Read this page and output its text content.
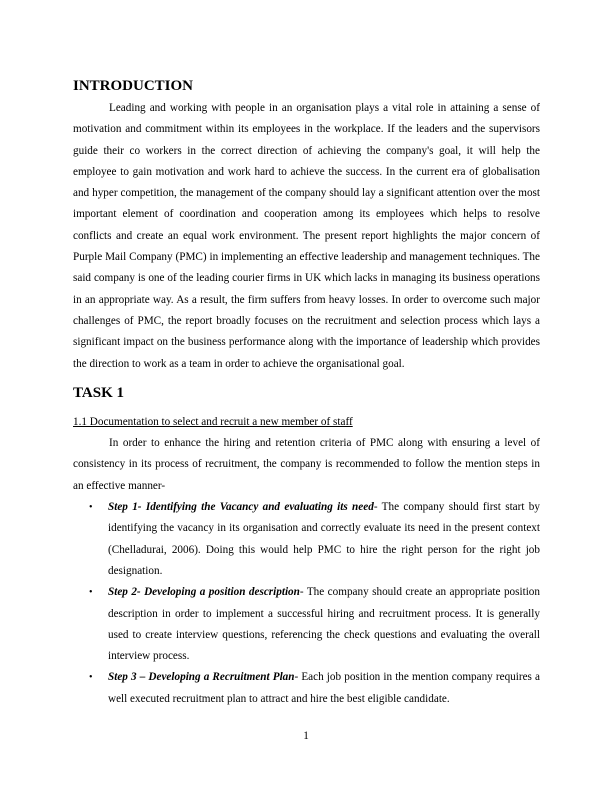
INTRODUCTION

Leading and working with people in an organisation plays a vital role in attaining a sense of motivation and commitment within its employees in the workplace. If the leaders and the supervisors guide their co workers in the correct direction of achieving the company's goal, it will help the employee to gain motivation and work hard to achieve the success. In the current era of globalisation and hyper competition, the management of the company should lay a significant attention over the most important element of coordination and cooperation among its employees which helps to resolve conflicts and create an equal work environment. The present report highlights the major concern of Purple Mail Company (PMC) in implementing an effective leadership and management techniques. The said company is one of the leading courier firms in UK which lacks in managing its business operations in an appropriate way. As a result, the firm suffers from heavy losses. In order to overcome such major challenges of PMC, the report broadly focuses on the recruitment and selection process which lays a significant impact on the business performance along with the importance of leadership which provides the direction to work as a team in order to achieve the organisational goal.

TASK 1
1.1 Documentation to select and recruit a new member of staff

In order to enhance the hiring and retention criteria of PMC along with ensuring a level of consistency in its process of recruitment, the company is recommended to follow the mention steps in an effective manner-

• Step 1- Identifying the Vacancy and evaluating its need- The company should first start by identifying the vacancy in its organisation and correctly evaluate its need in the present context (Chelladurai, 2006). Doing this would help PMC to hire the right person for the right job designation.
• Step 2- Developing a position description- The company should create an appropriate position description in order to implement a successful hiring and recruitment process. It is generally used to create interview questions, referencing the check questions and evaluating the overall interview process.
• Step 3 – Developing a Recruitment Plan- Each job position in the mention company requires a well executed recruitment plan to attract and hire the best eligible candidate.
1
